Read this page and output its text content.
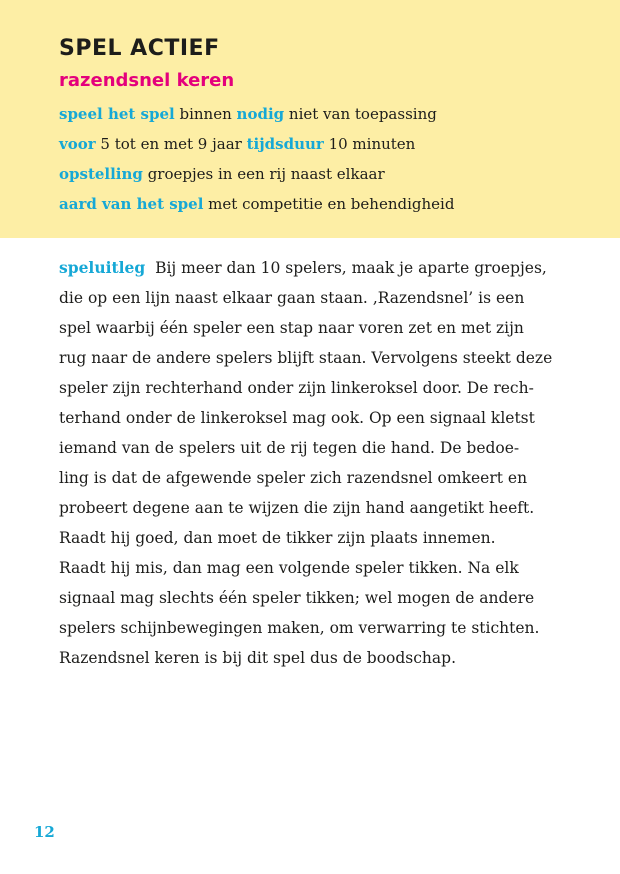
SPEL ACTIEF
razendsnel keren
speel het spel binnen nodig niet van toepassing
voor 5 tot en met 9 jaar tijdsduur 10 minuten
opstelling groepjes in een rij naast elkaar
aard van het spel met competitie en behendigheid
speluitleg Bij meer dan 10 spelers, maak je aparte groepjes,
die op een lijn naast elkaar gaan staan. ‚Razendsnel’ is een
spel waarbij één speler een stap naar voren zet en met zijn
rug naar de andere spelers blijft staan. Vervolgens steekt deze
speler zijn rechterhand onder zijn linkeroksel door. De rech-
terhand onder de linkeroksel mag ook. Op een signaal kletst
iemand van de spelers uit de rij tegen die hand. De bedoe-
ling is dat de afgewende speler zich razendsnel omkeert en
probeert degene aan te wijzen die zijn hand aangetikt heeft.
Raadt hij goed, dan moet de tikker zijn plaats innemen.
Raadt hij mis, dan mag een volgende speler tikken. Na elk
signaal mag slechts één speler tikken; wel mogen de andere
spelers schijnbewegingen maken, om verwarring te stichten.
Razendsnel keren is bij dit spel dus de boodschap.
12
